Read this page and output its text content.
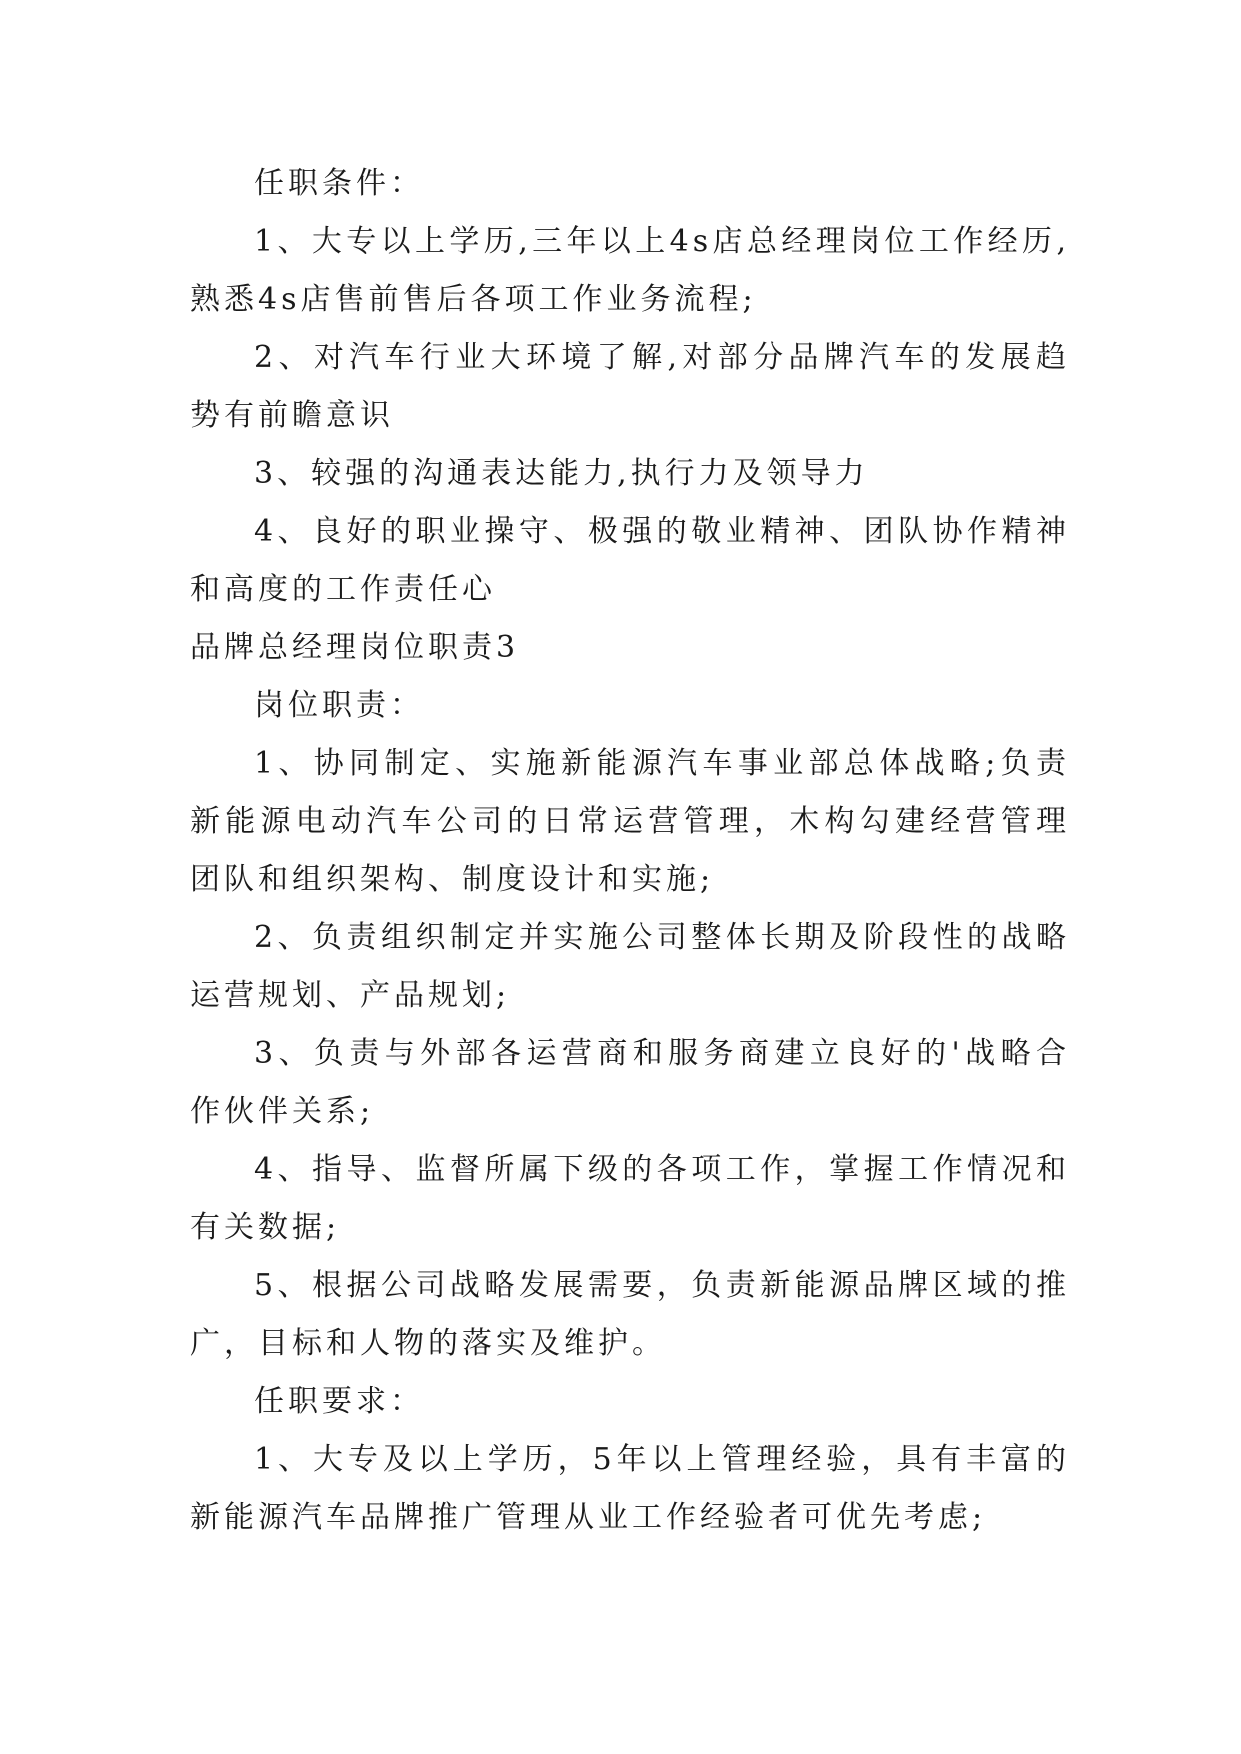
任职条件：

1、大专以上学历,三年以上4s店总经理岗位工作经历,熟悉4s店售前售后各项工作业务流程;

2、对汽车行业大环境了解,对部分品牌汽车的发展趋势有前瞻意识

3、较强的沟通表达能力,执行力及领导力

4、良好的职业操守、极强的敬业精神、团队协作精神和高度的工作责任心

品牌总经理岗位职责3

岗位职责：

1、协同制定、实施新能源汽车事业部总体战略;负责新能源电动汽车公司的日常运营管理，木构勾建经营管理团队和组织架构、制度设计和实施;

2、负责组织制定并实施公司整体长期及阶段性的战略运营规划、产品规划;

3、负责与外部各运营商和服务商建立良好的'战略合作伙伴关系;

4、指导、监督所属下级的各项工作，掌握工作情况和有关数据;

5、根据公司战略发展需要，负责新能源品牌区域的推广，目标和人物的落实及维护。

任职要求：

1、大专及以上学历，5年以上管理经验，具有丰富的新能源汽车品牌推广管理从业工作经验者可优先考虑;
